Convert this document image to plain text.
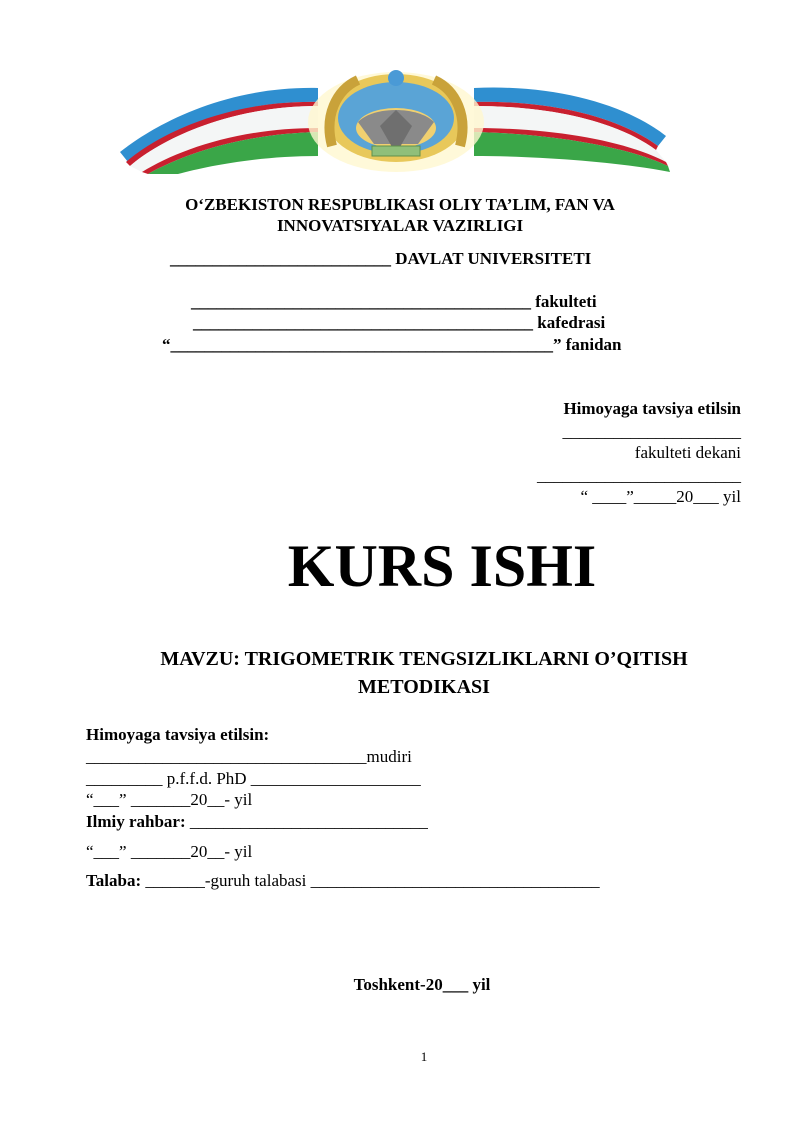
O‘ZBEKISTON RESPUBLIKASI OLIY TA’LIM, FAN VA
INNOVATSIYALAR VAZIRLIGI
__________________________ DAVLAT UNIVERSITETI
________________________________________ fakulteti
________________________________________ kafedrasi
“_____________________________________________” fanidan
Himoyaga tavsiya etilsin
_____________________
fakulteti dekani
________________________
“ ____”_____20___ yil
KURS ISHI
MAVZU: TRIGOMETRIK TENGSIZLIKLARNI O’QITISH
METODIKASI
Himoyaga tavsiya etilsin:
_________________________________mudiri
_________ p.f.f.d. PhD ____________________
“___” _______20__- yil
Ilmiy rahbar: ____________________________
“___” _______20__- yil
Talaba: _______-guruh talabasi __________________________________
Toshkent-20___ yil
1
